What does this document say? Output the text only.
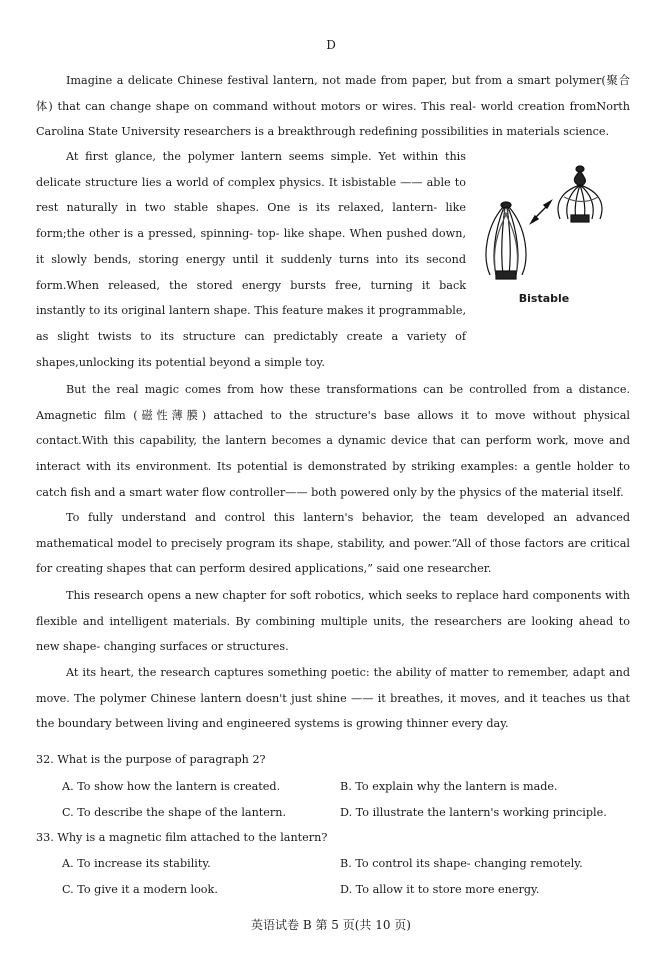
D

Imagine a delicate Chinese festival lantern, not made from paper, but from a smart polymer(聚合体) that can change shape on command without motors or wires. This real- world creation fromNorth Carolina State University researchers is a breakthrough redefining possibilities in materials science.

At first glance, the polymer lantern seems simple. Yet within this delicate structure lies a world of complex physics. It isbistable —— able to rest naturally in two stable shapes. One is its relaxed, lantern- like form;the other is a pressed, spinning- top- like shape. When pushed down, it slowly bends, storing energy until it suddenly turns into its second form.When released, the stored energy bursts free, turning it back instantly to its original lantern shape. This feature makes it programmable, as slight twists to its structure can predictably create a variety of shapes,unlocking its potential beyond a simple toy.

Bistable

But the real magic comes from how these transformations can be controlled from a distance. Amagnetic film (磁性薄膜) attached to the structure's base allows it to move without physical contact.With this capability, the lantern becomes a dynamic device that can perform work, move and interact with its environment. Its potential is demonstrated by striking examples: a gentle holder to catch fish and a smart water flow controller—— both powered only by the physics of the material itself.

To fully understand and control this lantern's behavior, the team developed an advanced mathematical model to precisely program its shape, stability, and power.“All of those factors are critical for creating shapes that can perform desired applications,” said one researcher.

This research opens a new chapter for soft robotics, which seeks to replace hard components with flexible and intelligent materials. By combining multiple units, the researchers are looking ahead to new shape- changing surfaces or structures.

At its heart, the research captures something poetic: the ability of matter to remember, adapt and move. The polymer Chinese lantern doesn't just shine —— it breathes, it moves, and it teaches us that the boundary between living and engineered systems is growing thinner every day.

32. What is the purpose of paragraph 2?
A. To show how the lantern is created.	B. To explain why the lantern is made.
C. To describe the shape of the lantern.	D. To illustrate the lantern's working principle.
33. Why is a magnetic film attached to the lantern?
A. To increase its stability.	B. To control its shape- changing remotely.
C. To give it a modern look.	D. To allow it to store more energy.
英语试卷 B 第 5 页(共 10 页)
